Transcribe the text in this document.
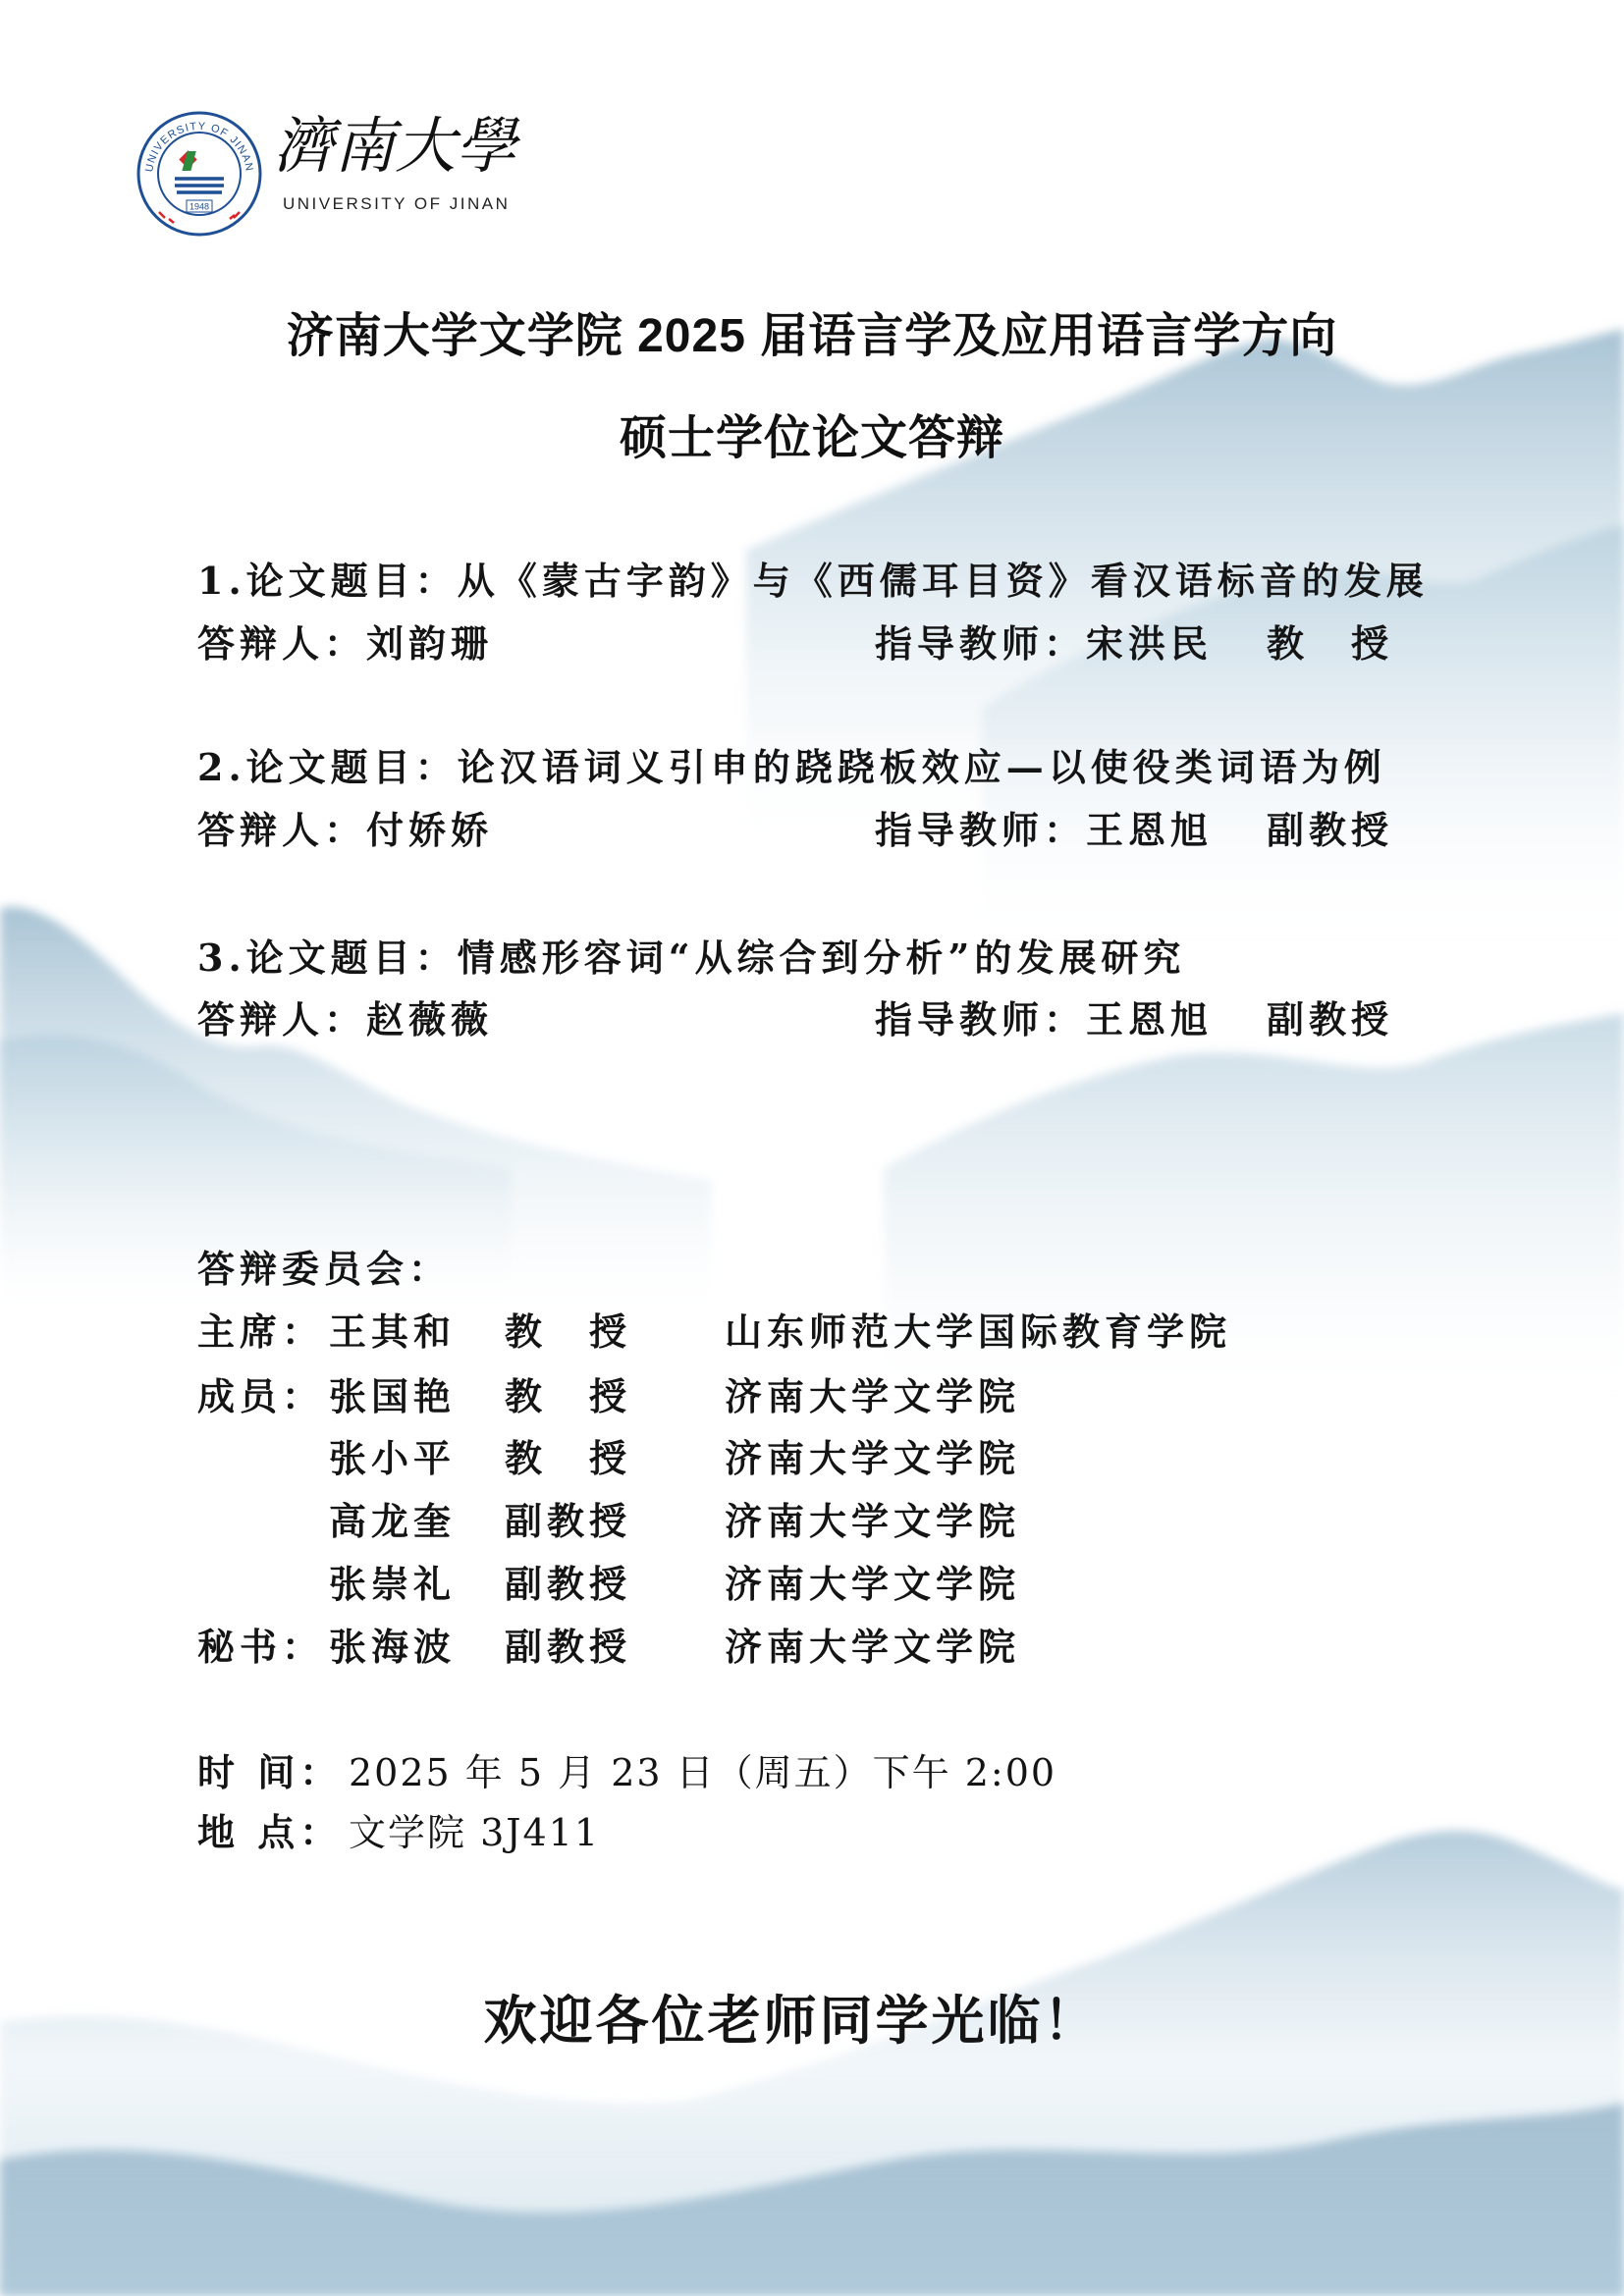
UNIVERSITY OF JINAN
1948
濟南大學
UNIVERSITY OF JINAN
济南大学文学院 2025 届语言学及应用语言学方向
硕士学位论文答辩
1.论文题目：从《蒙古字韵》与《西儒耳目资》看汉语标音的发展
答辩人：刘韵珊	指导教师：宋洪民 教　授
2.论文题目：论汉语词义引申的跷跷板效应—以使役类词语为例
答辩人：付娇娇	指导教师：王恩旭 副教授
3.论文题目：情感形容词“从综合到分析”的发展研究
答辩人：赵薇薇	指导教师：王恩旭 副教授
答辩委员会：
主席： 王其和 教　授 山东师范大学国际教育学院
成员： 张国艳 教　授 济南大学文学院
张小平 教　授 济南大学文学院
高龙奎 副教授 济南大学文学院
张崇礼 副教授 济南大学文学院
秘书： 张海波 副教授 济南大学文学院
时 间： 2025 年 5 月 23 日（周五）下午 2:00
地 点： 文学院 3J411
欢迎各位老师同学光临！
